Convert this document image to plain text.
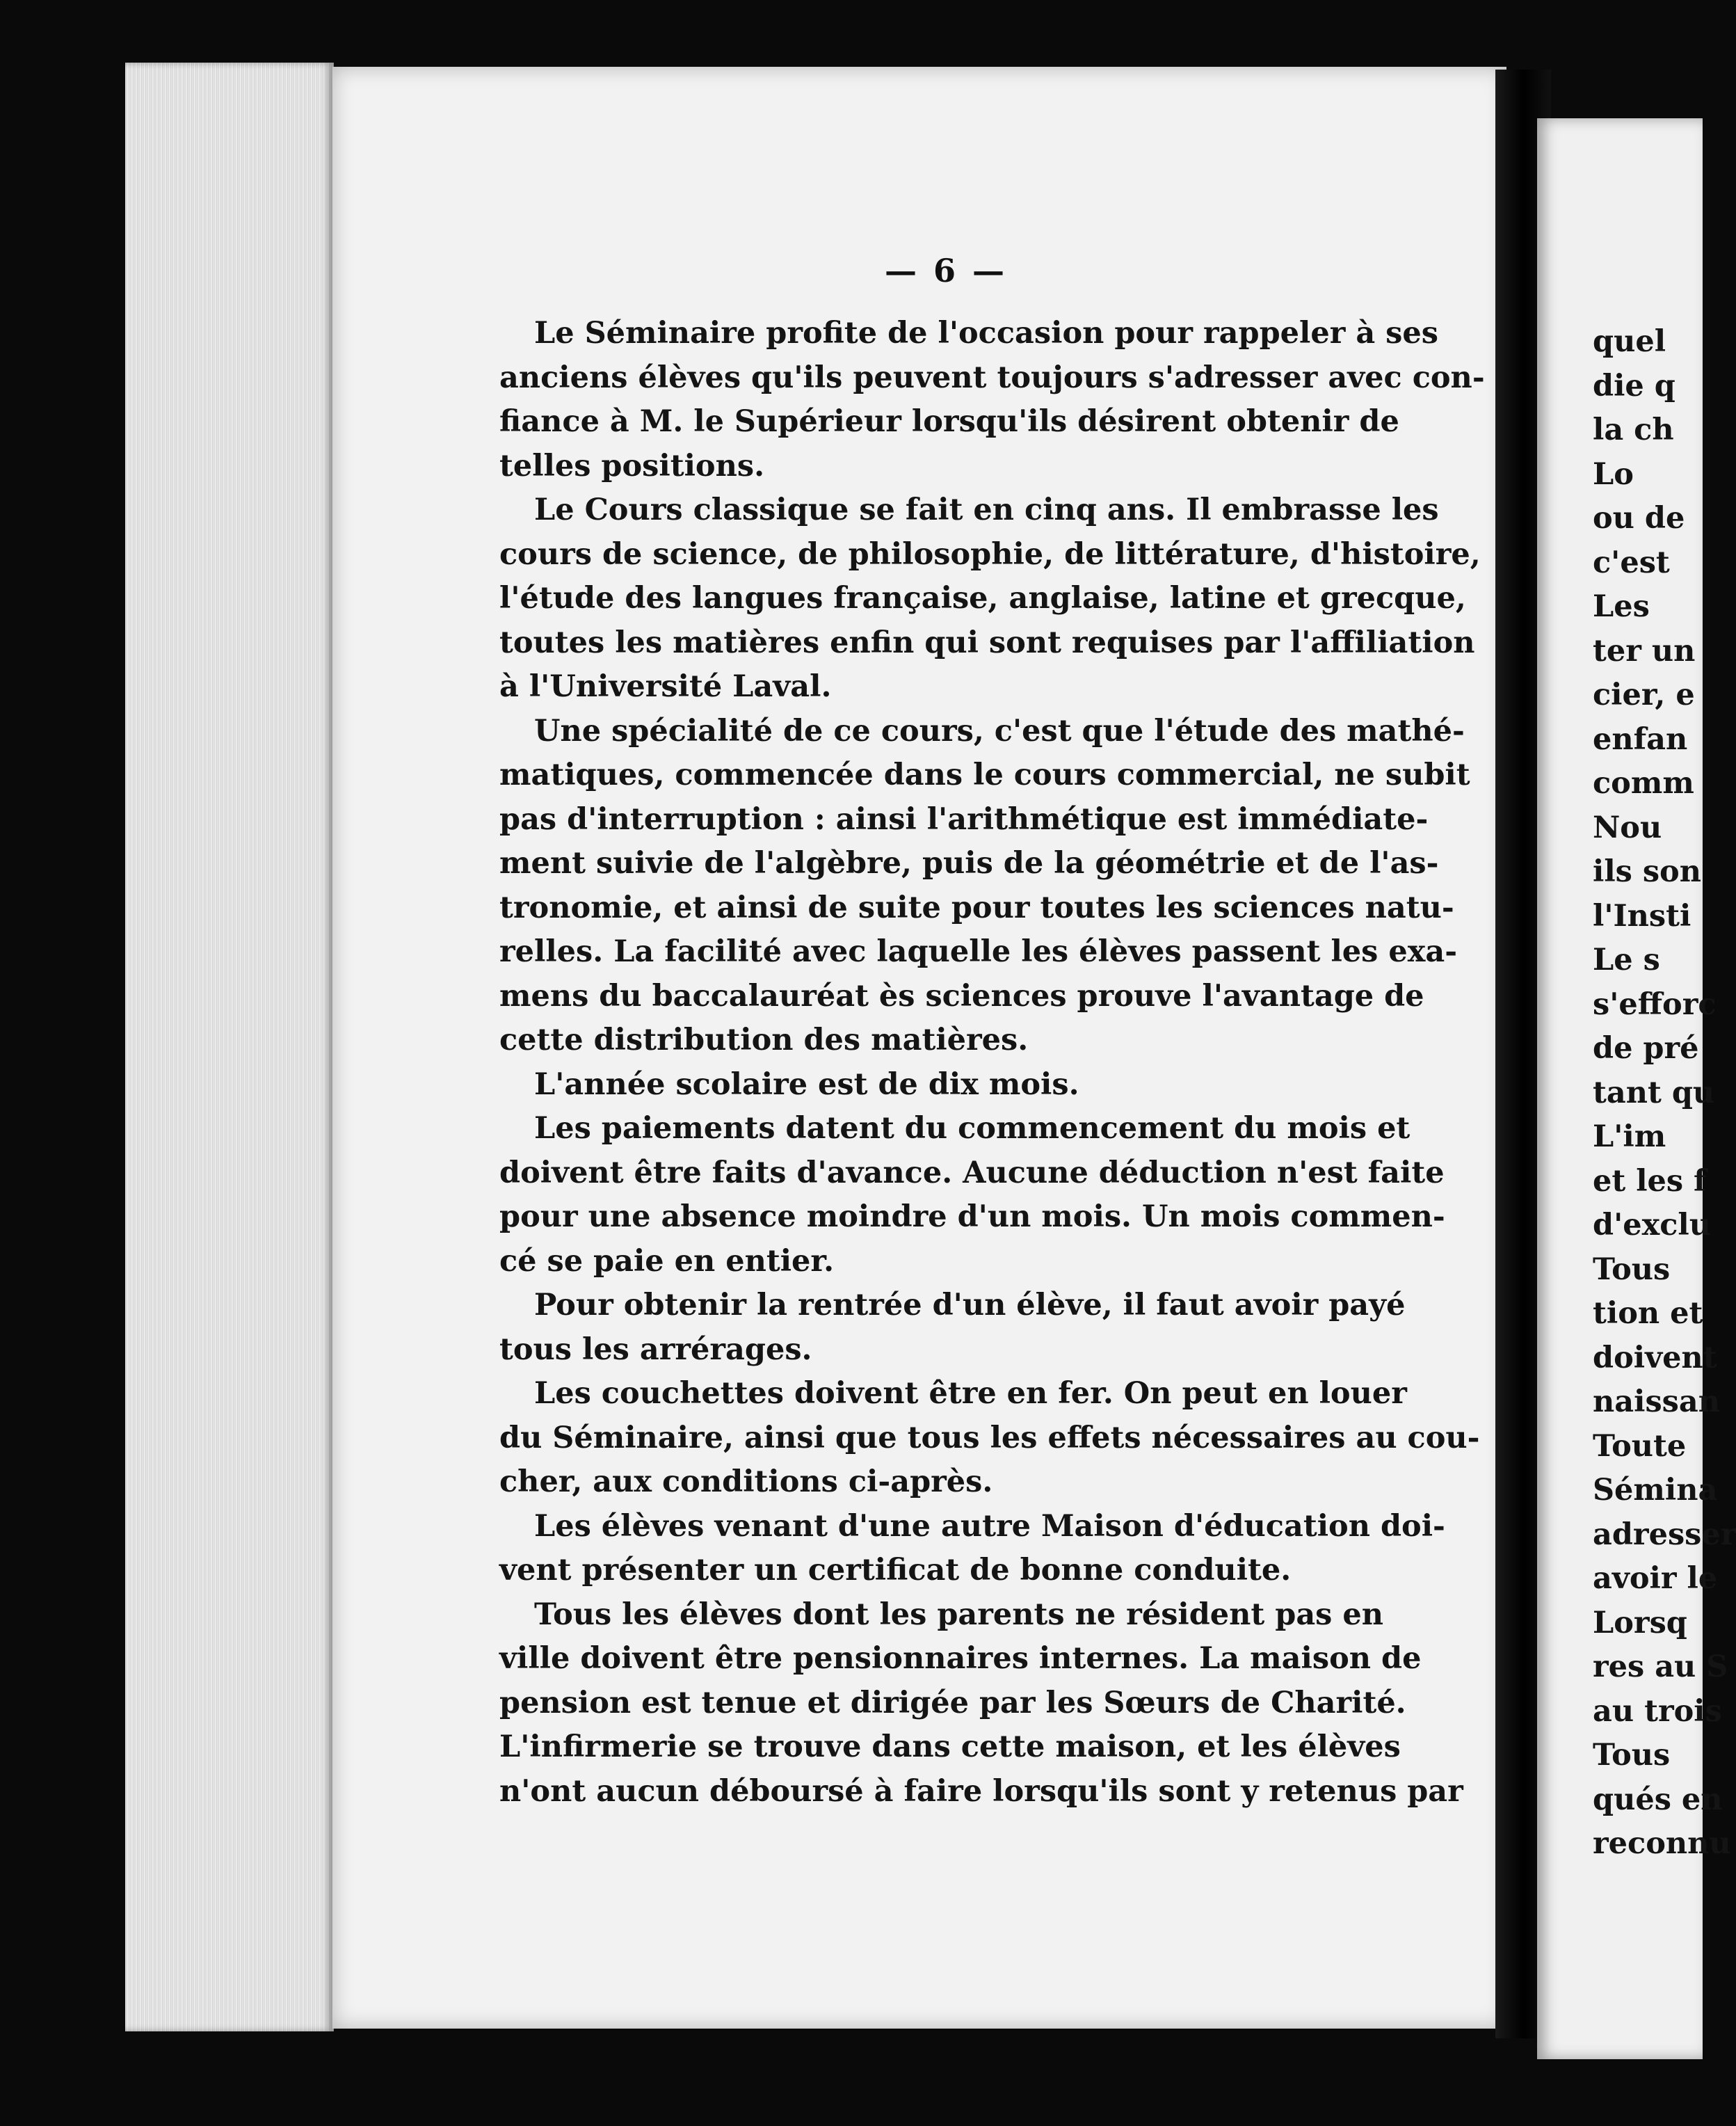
— 6 —
Le Séminaire profite de l'occasion pour rappeler à ses
anciens élèves qu'ils peuvent toujours s'adresser avec con-
fiance à M. le Supérieur lorsqu'ils désirent obtenir de
telles positions.
Le Cours classique se fait en cinq ans. Il embrasse les
cours de science, de philosophie, de littérature, d'histoire,
l'étude des langues française, anglaise, latine et grecque,
toutes les matières enfin qui sont requises par l'affiliation
à l'Université Laval.
Une spécialité de ce cours, c'est que l'étude des mathé-
matiques, commencée dans le cours commercial, ne subit
pas d'interruption : ainsi l'arithmétique est immédiate-
ment suivie de l'algèbre, puis de la géométrie et de l'as-
tronomie, et ainsi de suite pour toutes les sciences natu-
relles. La facilité avec laquelle les élèves passent les exa-
mens du baccalauréat ès sciences prouve l'avantage de
cette distribution des matières.
L'année scolaire est de dix mois.
Les paiements datent du commencement du mois et
doivent être faits d'avance. Aucune déduction n'est faite
pour une absence moindre d'un mois. Un mois commen-
cé se paie en entier.
Pour obtenir la rentrée d'un élève, il faut avoir payé
tous les arrérages.
Les couchettes doivent être en fer. On peut en louer
du Séminaire, ainsi que tous les effets nécessaires au cou-
cher, aux conditions ci-après.
Les élèves venant d'une autre Maison d'éducation doi-
vent présenter un certificat de bonne conduite.
Tous les élèves dont les parents ne résident pas en
ville doivent être pensionnaires internes. La maison de
pension est tenue et dirigée par les Sœurs de Charité.
L'infirmerie se trouve dans cette maison, et les élèves
n'ont aucun déboursé à faire lorsqu'ils sont y retenus par
quel
die q
la ch
Lo
ou de
c'est
Les
ter un
cier, e
enfan
comm
Nou
ils son
l'Insti
Le s
s'efforc
de pré
tant qu
L'im
et les f
d'exclu
Tous
tion et
doivent
naissan
Toute
Sémina
adresser
avoir le
Lorsq
res au S
au trois
Tous
qués en
reconnu
